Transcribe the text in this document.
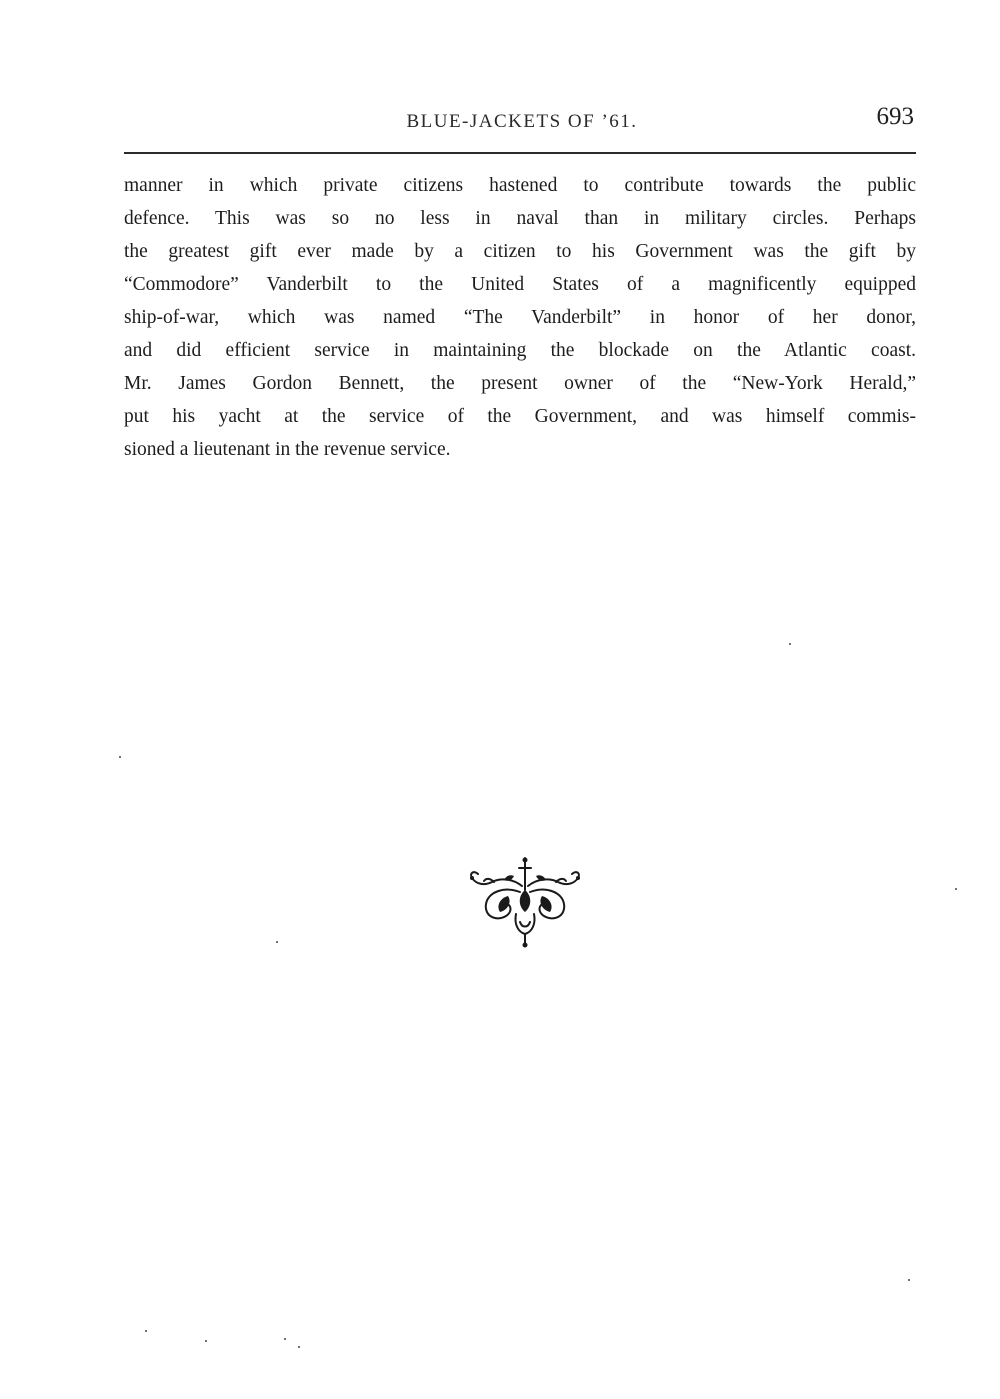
BLUE-JACKETS OF ’61.	693
manner in which private citizens hastened to contribute towards the public
defence. This was so no less in naval than in military circles. Perhaps
the greatest gift ever made by a citizen to his Government was the gift by
“Commodore” Vanderbilt to the United States of a magnificently equipped
ship-of-war, which was named “The Vanderbilt” in honor of her donor,
and did efficient service in maintaining the blockade on the Atlantic coast.
Mr. James Gordon Bennett, the present owner of the “New-York Herald,”
put his yacht at the service of the Government, and was himself commis-
sioned a lieutenant in the revenue service.
